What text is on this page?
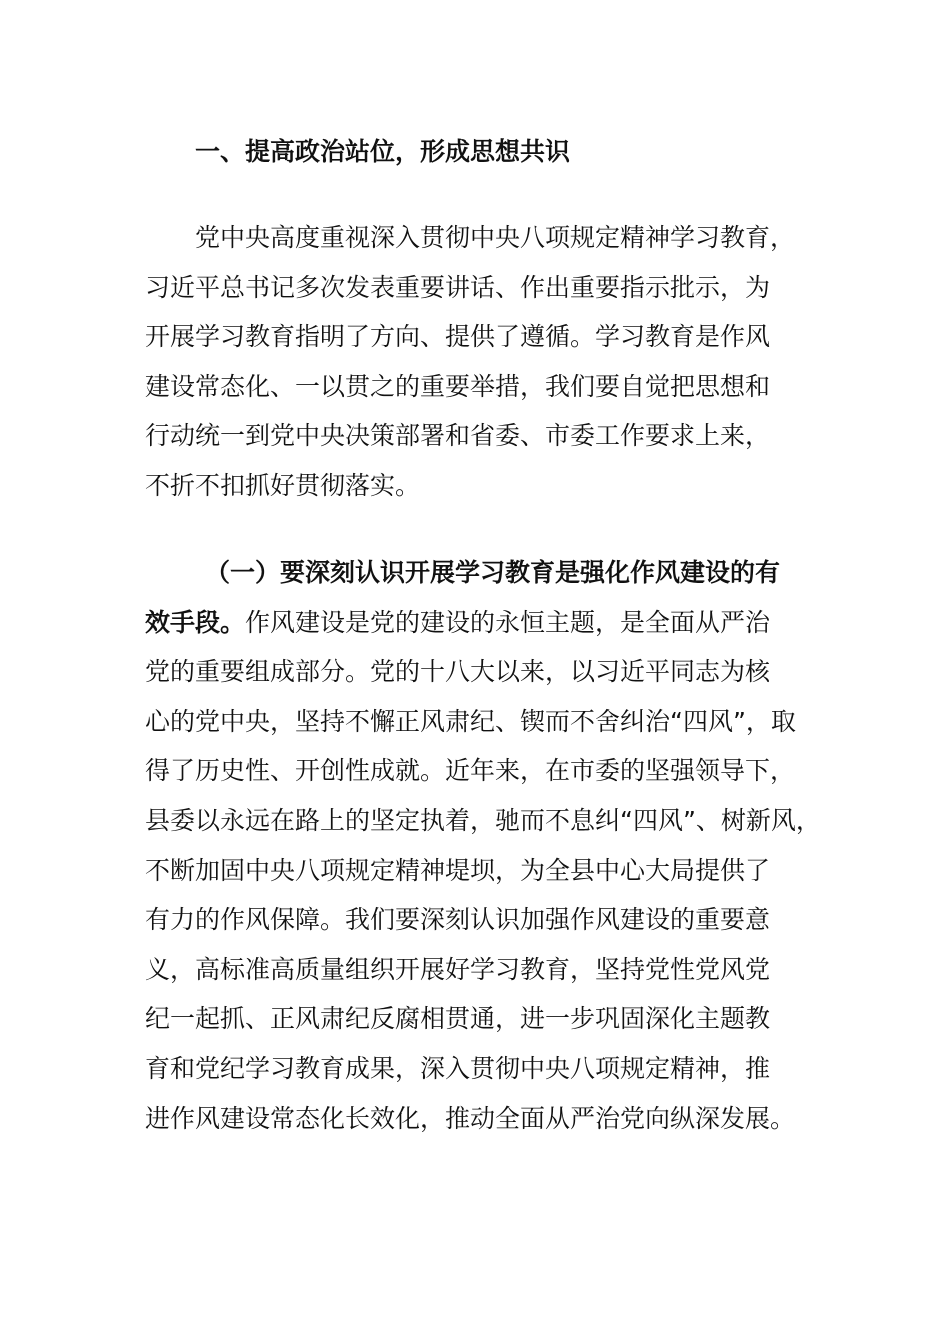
一、提高政治站位，形成思想共识
党中央高度重视深入贯彻中央八项规定精神学习教育，
习近平总书记多次发表重要讲话、作出重要指示批示，为
开展学习教育指明了方向、提供了遵循。学习教育是作风
建设常态化、一以贯之的重要举措，我们要自觉把思想和
行动统一到党中央决策部署和省委、市委工作要求上来，
不折不扣抓好贯彻落实。
（一）要深刻认识开展学习教育是强化作风建设的有
效手段。作风建设是党的建设的永恒主题，是全面从严治
党的重要组成部分。党的十八大以来，以习近平同志为核
心的党中央，坚持不懈正风肃纪、锲而不舍纠治“四风”，取
得了历史性、开创性成就。近年来，在市委的坚强领导下，
县委以永远在路上的坚定执着，驰而不息纠“四风”、树新风，
不断加固中央八项规定精神堤坝，为全县中心大局提供了
有力的作风保障。我们要深刻认识加强作风建设的重要意
义，高标准高质量组织开展好学习教育，坚持党性党风党
纪一起抓、正风肃纪反腐相贯通，进一步巩固深化主题教
育和党纪学习教育成果，深入贯彻中央八项规定精神，推
进作风建设常态化长效化，推动全面从严治党向纵深发展。
